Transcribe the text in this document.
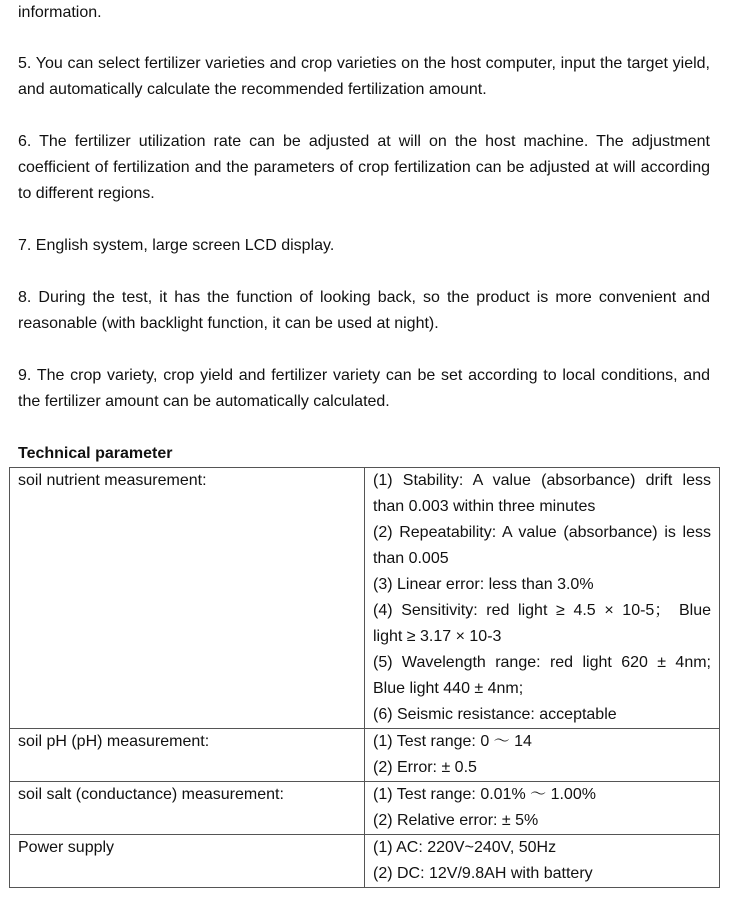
information.

5. You can select fertilizer varieties and crop varieties on the host computer, input the target yield, and automatically calculate the recommended fertilization amount.

6. The fertilizer utilization rate can be adjusted at will on the host machine. The adjustment coefficient of fertilization and the parameters of crop fertilization can be adjusted at will according to different regions.

7. English system, large screen LCD display.

8. During the test, it has the function of looking back, so the product is more convenient and reasonable (with backlight function, it can be used at night).

9. The crop variety, crop yield and fertilizer variety can be set according to local conditions, and the fertilizer amount can be automatically calculated.

Technical parameter

soil nutrient measurement:	(1) Stability: A value (absorbance) drift less than 0.003 within three minutes
(2) Repeatability: A value (absorbance) is less than 0.005
(3) Linear error: less than 3.0%
(4) Sensitivity: red light ≥ 4.5 × 10-5； Blue light ≥ 3.17 × 10-3
(5) Wavelength range: red light 620 ± 4nm; Blue light 440 ± 4nm;
(6) Seismic resistance: acceptable

soil pH (pH) measurement:	(1) Test range: 0 ～ 14
(2) Error: ± 0.5

soil salt (conductance) measurement:	(1) Test range: 0.01% ～ 1.00%
(2) Relative error: ± 5%

Power supply	(1) AC: 220V~240V, 50Hz
(2) DC: 12V/9.8AH with battery
